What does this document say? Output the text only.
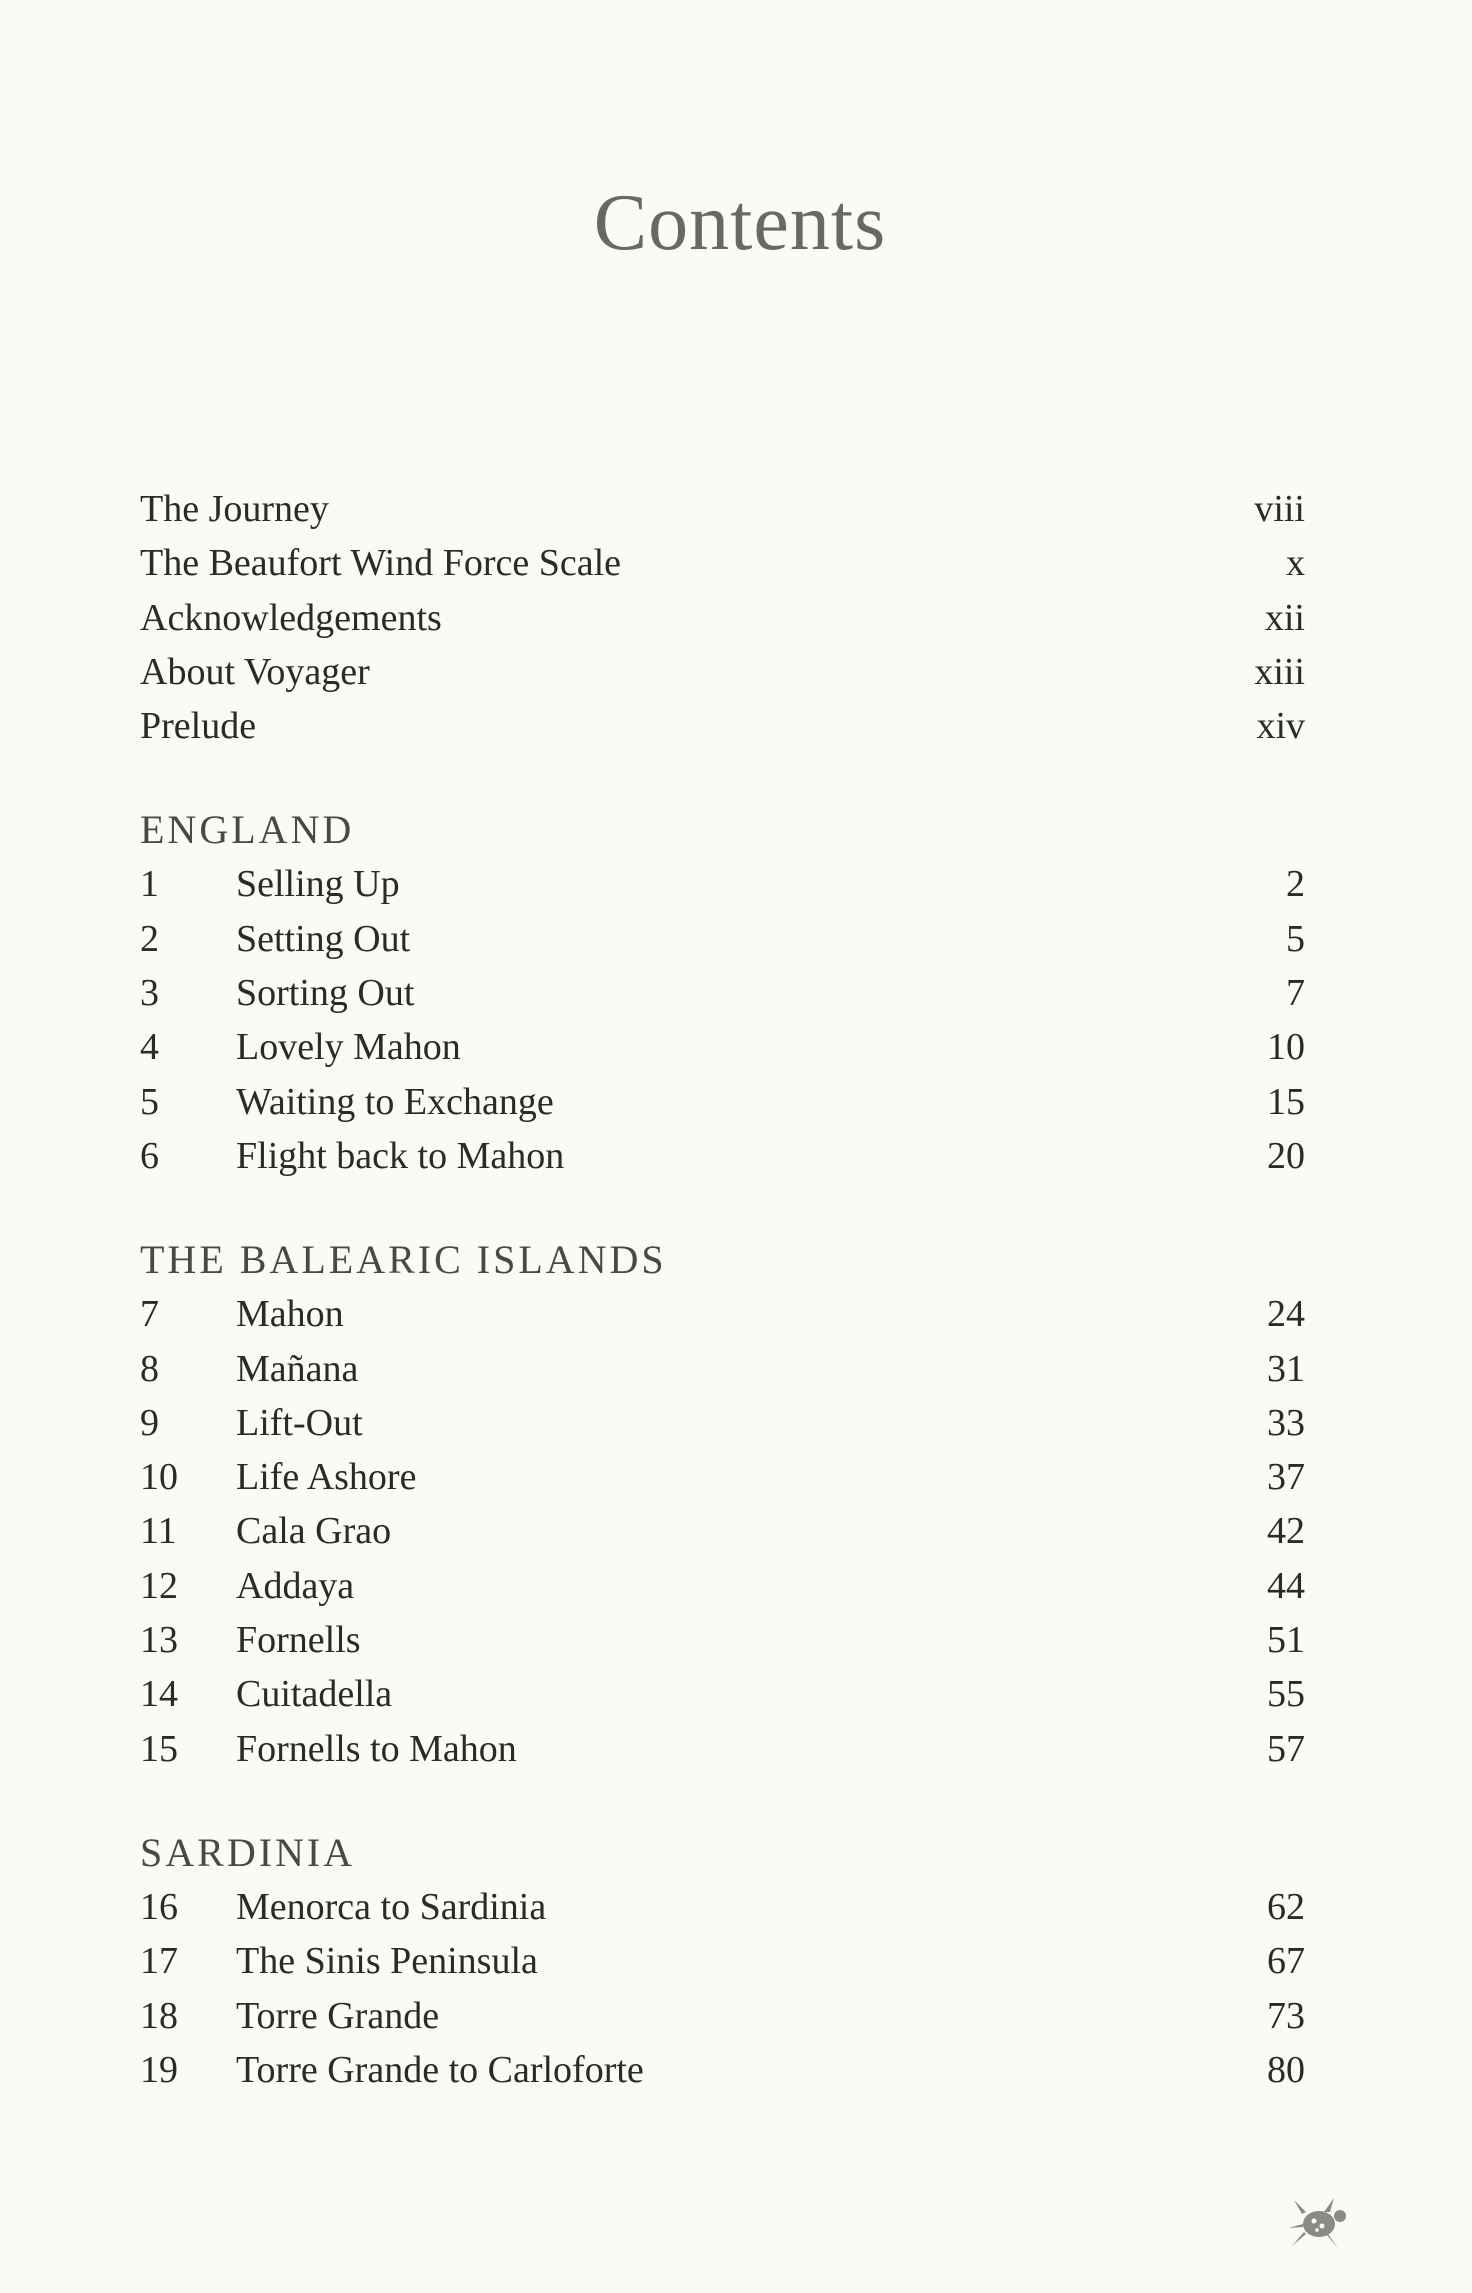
Contents
The Journey	viii
The Beaufort Wind Force Scale	x
Acknowledgements	xii
About Voyager	xiii
Prelude	xiv
ENGLAND
1 Selling Up	2
2 Setting Out	5
3 Sorting Out	7
4 Lovely Mahon	10
5 Waiting to Exchange	15
6 Flight back to Mahon	20
THE BALEARIC ISLANDS
7 Mahon	24
8 Mañana	31
9 Lift-Out	33
10 Life Ashore	37
11 Cala Grao	42
12 Addaya	44
13 Fornells	51
14 Cuitadella	55
15 Fornells to Mahon	57
SARDINIA
16 Menorca to Sardinia	62
17 The Sinis Peninsula	67
18 Torre Grande	73
19 Torre Grande to Carloforte	80
